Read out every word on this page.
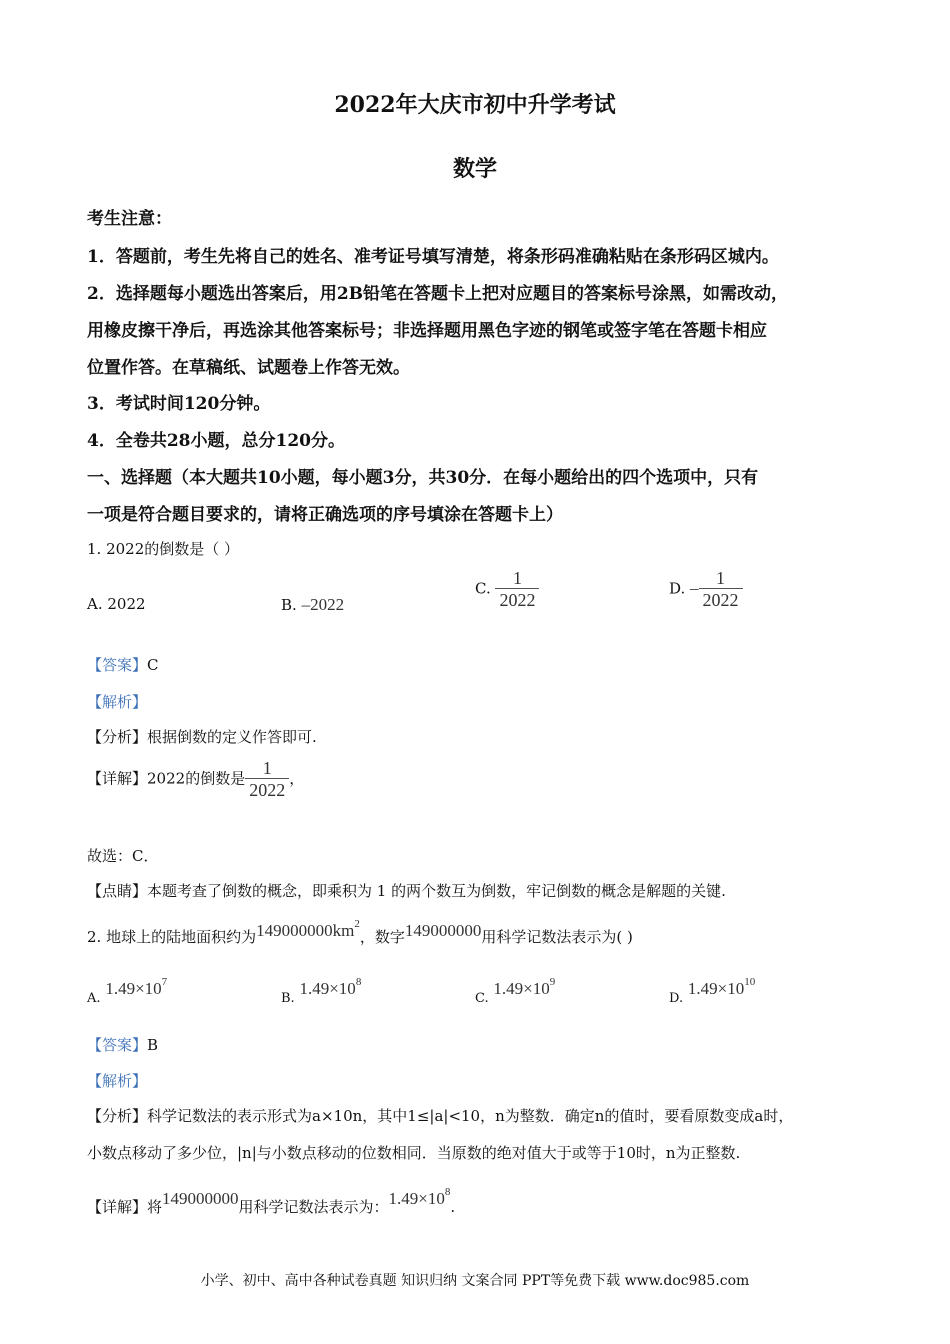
2022年大庆市初中升学考试
数学
考生注意：
1．答题前，考生先将自己的姓名、准考证号填写清楚，将条形码准确粘贴在条形码区城内。
2．选择题每小题选出答案后，用2B铅笔在答题卡上把对应题目的答案标号涂黑，如需改动，
用橡皮擦干净后，再选涂其他答案标号；非选择题用黑色字迹的钢笔或签字笔在答题卡相应
位置作答。在草稿纸、试题卷上作答无效。
3．考试时间120分钟。
4．全卷共28小题，总分120分。
一、选择题（本大题共10小题，每小题3分，共30分．在每小题给出的四个选项中，只有
一项是符合题目要求的，请将正确选项的序号填涂在答题卡上）
1. 2022的倒数是（ ）
A. 2022	B. –2022
C. $\frac{1}{2022}$	D. – $\frac{1}{2022}$
【答案】C
【解析】
【分析】根据倒数的定义作答即可.
【详解】2022的倒数是 $\frac{1}{2022}$ ，
故选：C．
【点睛】本题考查了倒数的概念，即乘积为 1 的两个数互为倒数，牢记倒数的概念是解题的关键.
2. 地球上的陆地面积约为$149000000km^2$，数字149000000用科学记数法表示为( )
A. $1.49\times 10^7$
B. $1.49\times 10^8$
C. $1.49\times 10^9$
D. $1.49\times 10^{10}$
【答案】B
【解析】
【分析】科学记数法的表示形式为a×10n，其中1≤|a|<10，n为整数．确定n的值时，要看原数变成a时，
小数点移动了多少位，|n|与小数点移动的位数相同．当原数的绝对值大于或等于10时，n为正整数.
【详解】将149000000用科学记数法表示为：$1.49\times 10^8$.
小学、初中、高中各种试卷真题 知识归纳 文案合同 PPT等免费下载 www.doc985.com
